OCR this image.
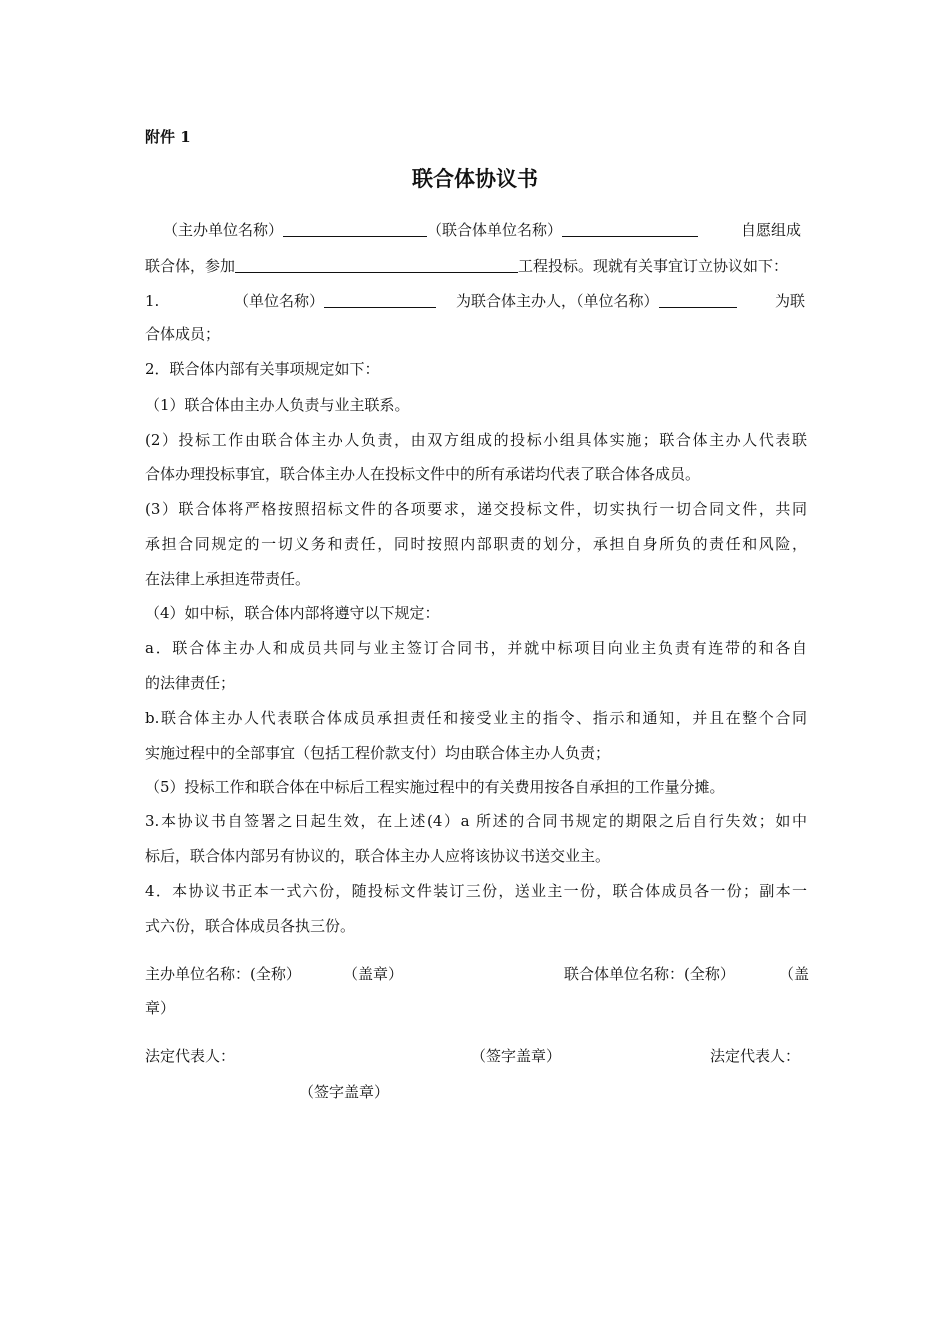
附件 1
联合体协议书
（主办单位名称）	（联合体单位名称）	自愿组成
联合体，参加	工程投标。现就有关事宜订立协议如下：
1.	（单位名称）	为联合体主办人，（单位名称）	为联
合体成员；
2．联合体内部有关事项规定如下：
（1）联合体由主办人负责与业主联系。
(2）投标工作由联合体主办人负责，由双方组成的投标小组具体实施；联合体主办人代表联
合体办理投标事宜，联合体主办人在投标文件中的所有承诺均代表了联合体各成员。
(3）联合体将严格按照招标文件的各项要求，递交投标文件，切实执行一切合同文件，共同
承担合同规定的一切义务和责任，同时按照内部职责的划分，承担自身所负的责任和风险，
在法律上承担连带责任。
（4）如中标，联合体内部将遵守以下规定：
a．联合体主办人和成员共同与业主签订合同书，并就中标项目向业主负责有连带的和各自
的法律责任；
b.联合体主办人代表联合体成员承担责任和接受业主的指令、指示和通知，并且在整个合同
实施过程中的全部事宜（包括工程价款支付）均由联合体主办人负责；
（5）投标工作和联合体在中标后工程实施过程中的有关费用按各自承担的工作量分摊。
3.本协议书自签署之日起生效，在上述(4）a 所述的合同书规定的期限之后自行失效；如中
标后，联合体内部另有协议的，联合体主办人应将该协议书送交业主。
4．本协议书正本一式六份，随投标文件装订三份，送业主一份，联合体成员各一份；副本一
式六份，联合体成员各执三份。
主办单位名称：(全称）	（盖章）	联合体单位名称：(全称）	（盖
章）
法定代表人：	（签字盖章）	法定代表人：
（签字盖章）
